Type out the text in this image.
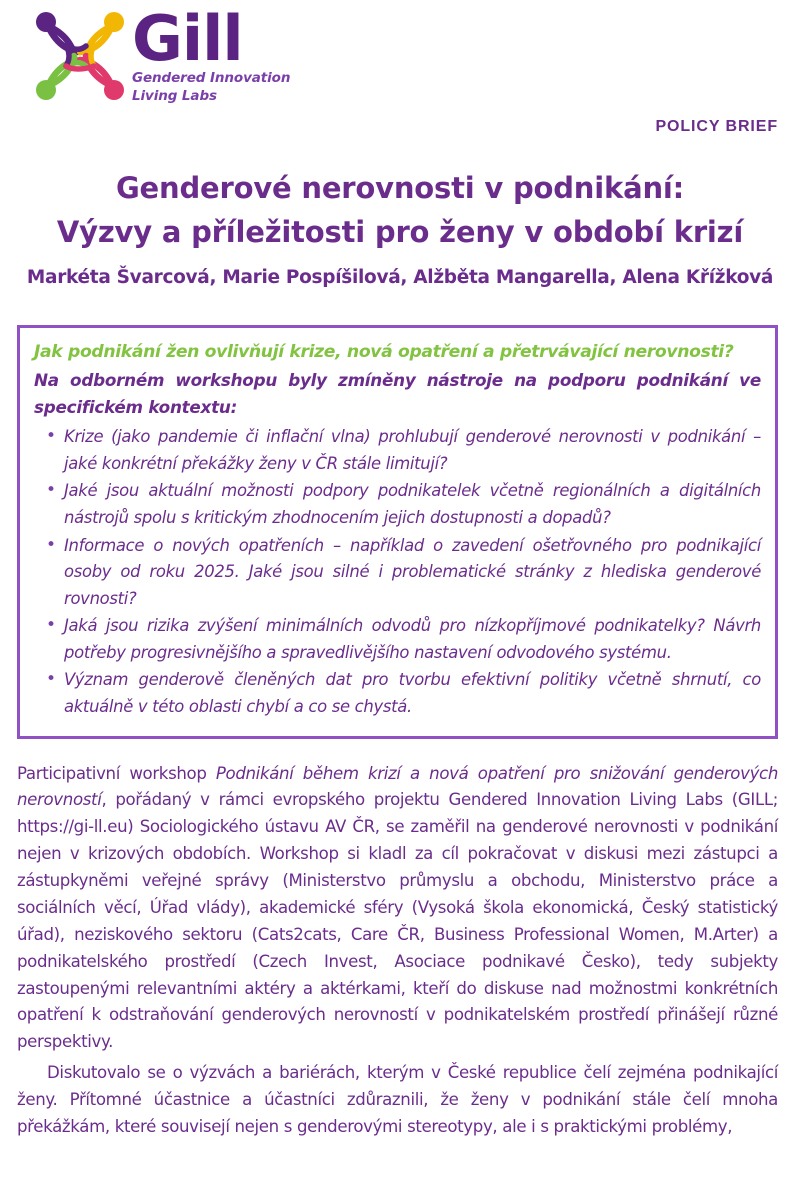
Gill
Gendered Innovation
Living Labs
POLICY BRIEF
Genderové nerovnosti v podnikání:
Výzvy a příležitosti pro ženy v období krizí
Markéta Švarcová, Marie Pospíšilová, Alžběta Mangarella, Alena Křížková
Jak podnikání žen ovlivňují krize, nová opatření a přetrvávající nerovnosti?
Na odborném workshopu byly zmíněny nástroje na podporu podnikání ve specifickém kontextu:
• Krize (jako pandemie či inflační vlna) prohlubují genderové nerovnosti v podnikání – jaké konkrétní překážky ženy v ČR stále limitují?
• Jaké jsou aktuální možnosti podpory podnikatelek včetně regionálních a digitálních nástrojů spolu s kritickým zhodnocením jejich dostupnosti a dopadů?
• Informace o nových opatřeních – například o zavedení ošetřovného pro podnikající osoby od roku 2025. Jaké jsou silné i problematické stránky z hlediska genderové rovnosti?
• Jaká jsou rizika zvýšení minimálních odvodů pro nízkopříjmové podnikatelky? Návrh potřeby progresivnějšího a spravedlivějšího nastavení odvodového systému.
• Význam genderově členěných dat pro tvorbu efektivní politiky včetně shrnutí, co aktuálně v této oblasti chybí a co se chystá.

Participativní workshop Podnikání během krizí a nová opatření pro snižování genderových nerovností, pořádaný v rámci evropského projektu Gendered Innovation Living Labs (GILL; https://gi-ll.eu) Sociologického ústavu AV ČR, se zaměřil na genderové nerovnosti v podnikání nejen v krizových obdobích. Workshop si kladl za cíl pokračovat v diskusi mezi zástupci a zástupkyněmi veřejné správy (Ministerstvo průmyslu a obchodu, Ministerstvo práce a sociálních věcí, Úřad vlády), akademické sféry (Vysoká škola ekonomická, Český statistický úřad), neziskového sektoru (Cats2cats, Care ČR, Business Professional Women, M.Arter) a podnikatelského prostředí (Czech Invest, Asociace podnikavé Česko), tedy subjekty zastoupenými relevantními aktéry a aktérkami, kteří do diskuse nad možnostmi konkrétních opatření k odstraňování genderových nerovností v podnikatelském prostředí přinášejí různé perspektivy.

Diskutovalo se o výzvách a bariérách, kterým v České republice čelí zejména podnikající ženy. Přítomné účastnice a účastníci zdůraznili, že ženy v podnikání stále čelí mnoha překážkám, které souvisejí nejen s genderovými stereotypy, ale i s praktickými problémy,
